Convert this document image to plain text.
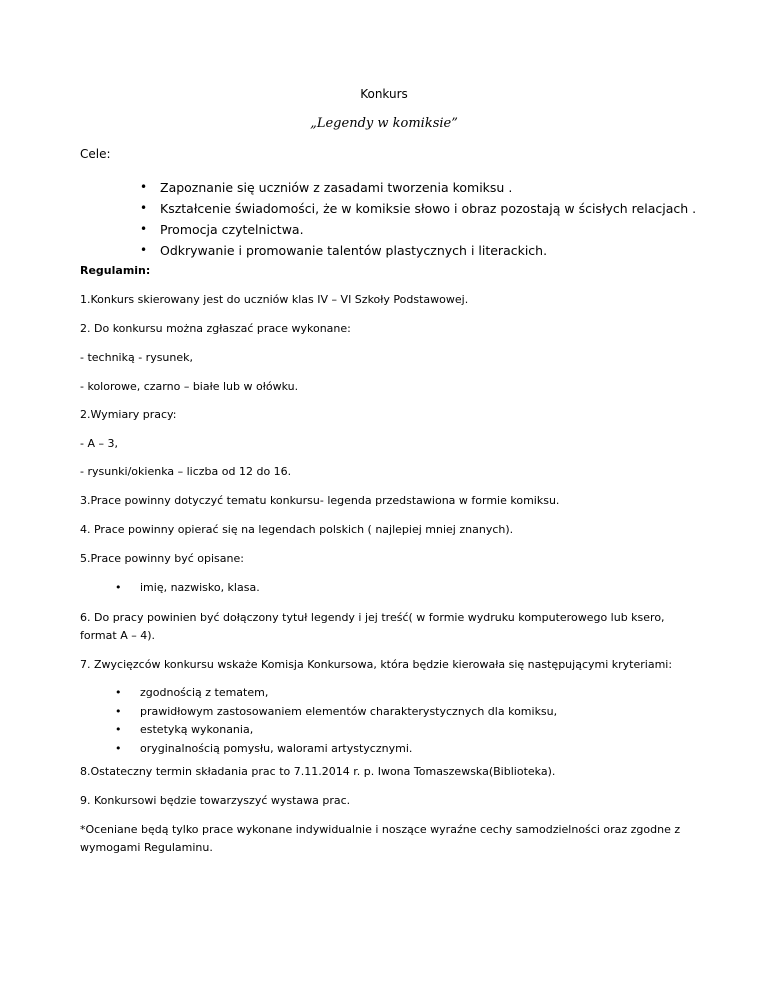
Konkurs
„Legendy w komiksie”
Cele:
• Zapoznanie się uczniów z zasadami tworzenia komiksu .
• Kształcenie świadomości, że w komiksie słowo i obraz pozostają w ścisłych relacjach .
• Promocja czytelnictwa.
• Odkrywanie i promowanie talentów plastycznych i literackich.
Regulamin:

1.Konkurs skierowany jest do uczniów klas IV – VI Szkoły Podstawowej.

2. Do konkursu można zgłaszać prace wykonane:

- techniką - rysunek,

- kolorowe, czarno – białe lub w ołówku.

2.Wymiary pracy:

- A – 3,

- rysunki/okienka – liczba od 12 do 16.

3.Prace powinny dotyczyć tematu konkursu- legenda przedstawiona w formie komiksu.

4. Prace powinny opierać się na legendach polskich ( najlepiej mniej znanych).

5.Prace powinny być opisane:

• imię, nazwisko, klasa.

6. Do pracy powinien być dołączony tytuł legendy i jej treść( w formie wydruku komputerowego lub ksero,

format A – 4).

7. Zwycięzców konkursu wskaże Komisja Konkursowa, która będzie kierowała się następującymi kryteriami:

• zgodnością z tematem,
• prawidłowym zastosowaniem elementów charakterystycznych dla komiksu,
• estetyką wykonania,
• oryginalnością pomysłu, walorami artystycznymi.

8.Ostateczny termin składania prac to 7.11.2014 r. p. Iwona Tomaszewska(Biblioteka).

9. Konkursowi będzie towarzyszyć wystawa prac.

*Oceniane będą tylko prace wykonane indywidualnie i noszące wyraźne cechy samodzielności oraz zgodne z

wymogami Regulaminu.
